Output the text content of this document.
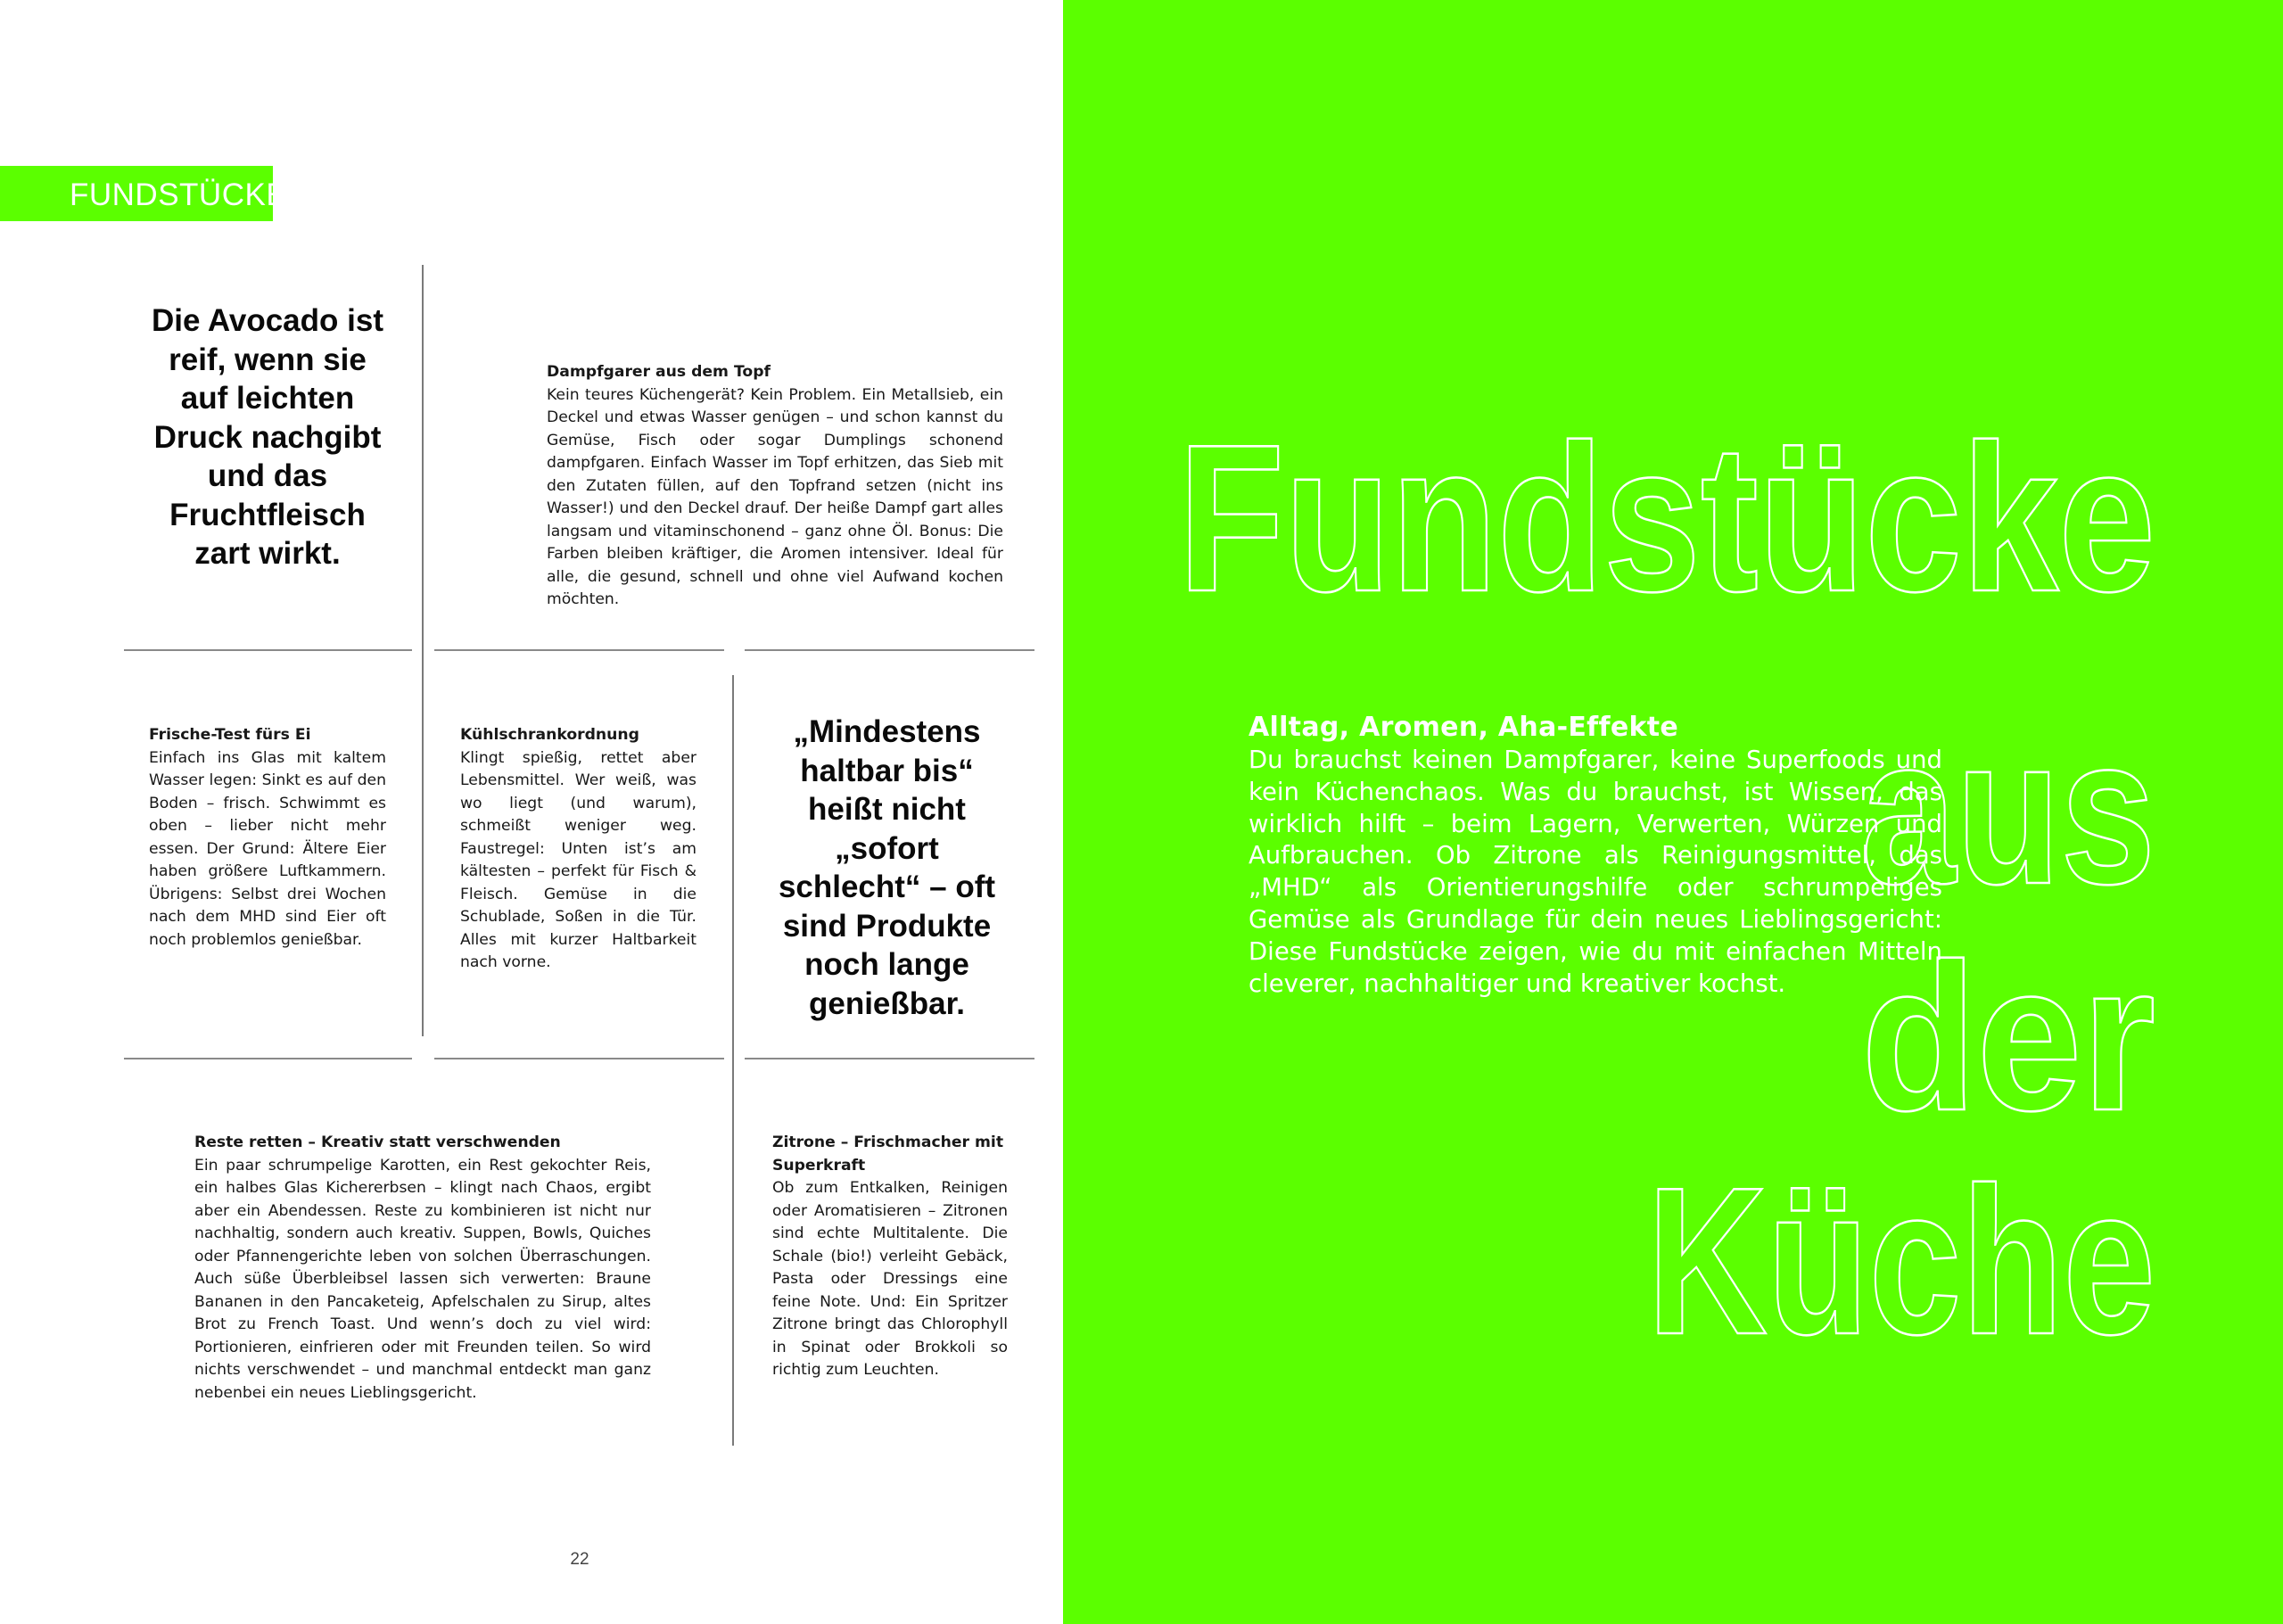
FUNDSTÜCKE
Die Avocado ist reif, wenn sie auf leichten Druck nachgibt und das Fruchtfleisch zart wirkt.
Dampfgarer aus dem Topf

Kein teures Küchengerät? Kein Problem. Ein Metallsieb, ein Deckel und etwas Wasser genügen – und schon kannst du Gemüse, Fisch oder sogar Dumplings schonend dampfgaren. Einfach Wasser im Topf erhitzen, das Sieb mit den Zutaten füllen, auf den Topfrand setzen (nicht ins Wasser!) und den Deckel drauf. Der heiße Dampf gart alles langsam und vitaminschonend – ganz ohne Öl. Bonus: Die Farben bleiben kräftiger, die Aromen intensiver. Ideal für alle, die gesund, schnell und ohne viel Aufwand kochen möchten.

Frische-Test fürs Ei

Einfach ins Glas mit kaltem Wasser legen: Sinkt es auf den Boden – frisch. Schwimmt es oben – lieber nicht mehr essen. Der Grund: Ältere Eier haben größere Luftkammern. Übrigens: Selbst drei Wochen nach dem MHD sind Eier oft noch problemlos genießbar.

Kühlschrankordnung

Klingt spießig, rettet aber Lebensmittel. Wer weiß, was wo liegt (und warum), schmeißt weniger weg. Faustregel: Unten ist’s am kältesten – perfekt für Fisch & Fleisch. Gemüse in die Schublade, Soßen in die Tür. Alles mit kurzer Haltbarkeit nach vorne.

„Mindestens haltbar bis“ heißt nicht „sofort schlecht“ – oft sind Produkte noch lange genießbar.
Reste retten – Kreativ statt verschwenden

Ein paar schrumpelige Karotten, ein Rest gekochter Reis, ein halbes Glas Kichererbsen – klingt nach Chaos, ergibt aber ein Abendessen. Reste zu kombinieren ist nicht nur nachhaltig, sondern auch kreativ. Suppen, Bowls, Quiches oder Pfannengerichte leben von solchen Überraschungen. Auch süße Überbleibsel lassen sich verwerten: Braune Bananen in den Pancaketeig, Apfelschalen zu Sirup, altes Brot zu French Toast. Und wenn’s doch zu viel wird: Portionieren, einfrieren oder mit Freunden teilen. So wird nichts verschwendet – und manchmal entdeckt man ganz nebenbei ein neues Lieblingsgericht.

Zitrone – Frischmacher mit Superkraft

Ob zum Entkalken, Reinigen oder Aromatisieren – Zitronen sind echte Multitalente. Die Schale (bio!) verleiht Gebäck, Pasta oder Dressings eine feine Note. Und: Ein Spritzer Zitrone bringt das Chlorophyll in Spinat oder Brokkoli so richtig zum Leuchten.

22
Fundstücke
aus
der
Küche
Alltag, Aromen, Aha-Effekte

Du brauchst keinen Dampfgarer, keine Superfoods und kein Küchenchaos. Was du brauchst, ist Wissen, das wirklich hilft – beim Lagern, Verwerten, Würzen und Aufbrauchen. Ob Zitrone als Reinigungsmittel, das „MHD“ als Orientierungshilfe oder schrumpeliges Gemüse als Grundlage für dein neues Lieblingsgericht: Diese Fundstücke zeigen, wie du mit einfachen Mitteln cleverer, nachhaltiger und kreativer kochst.
